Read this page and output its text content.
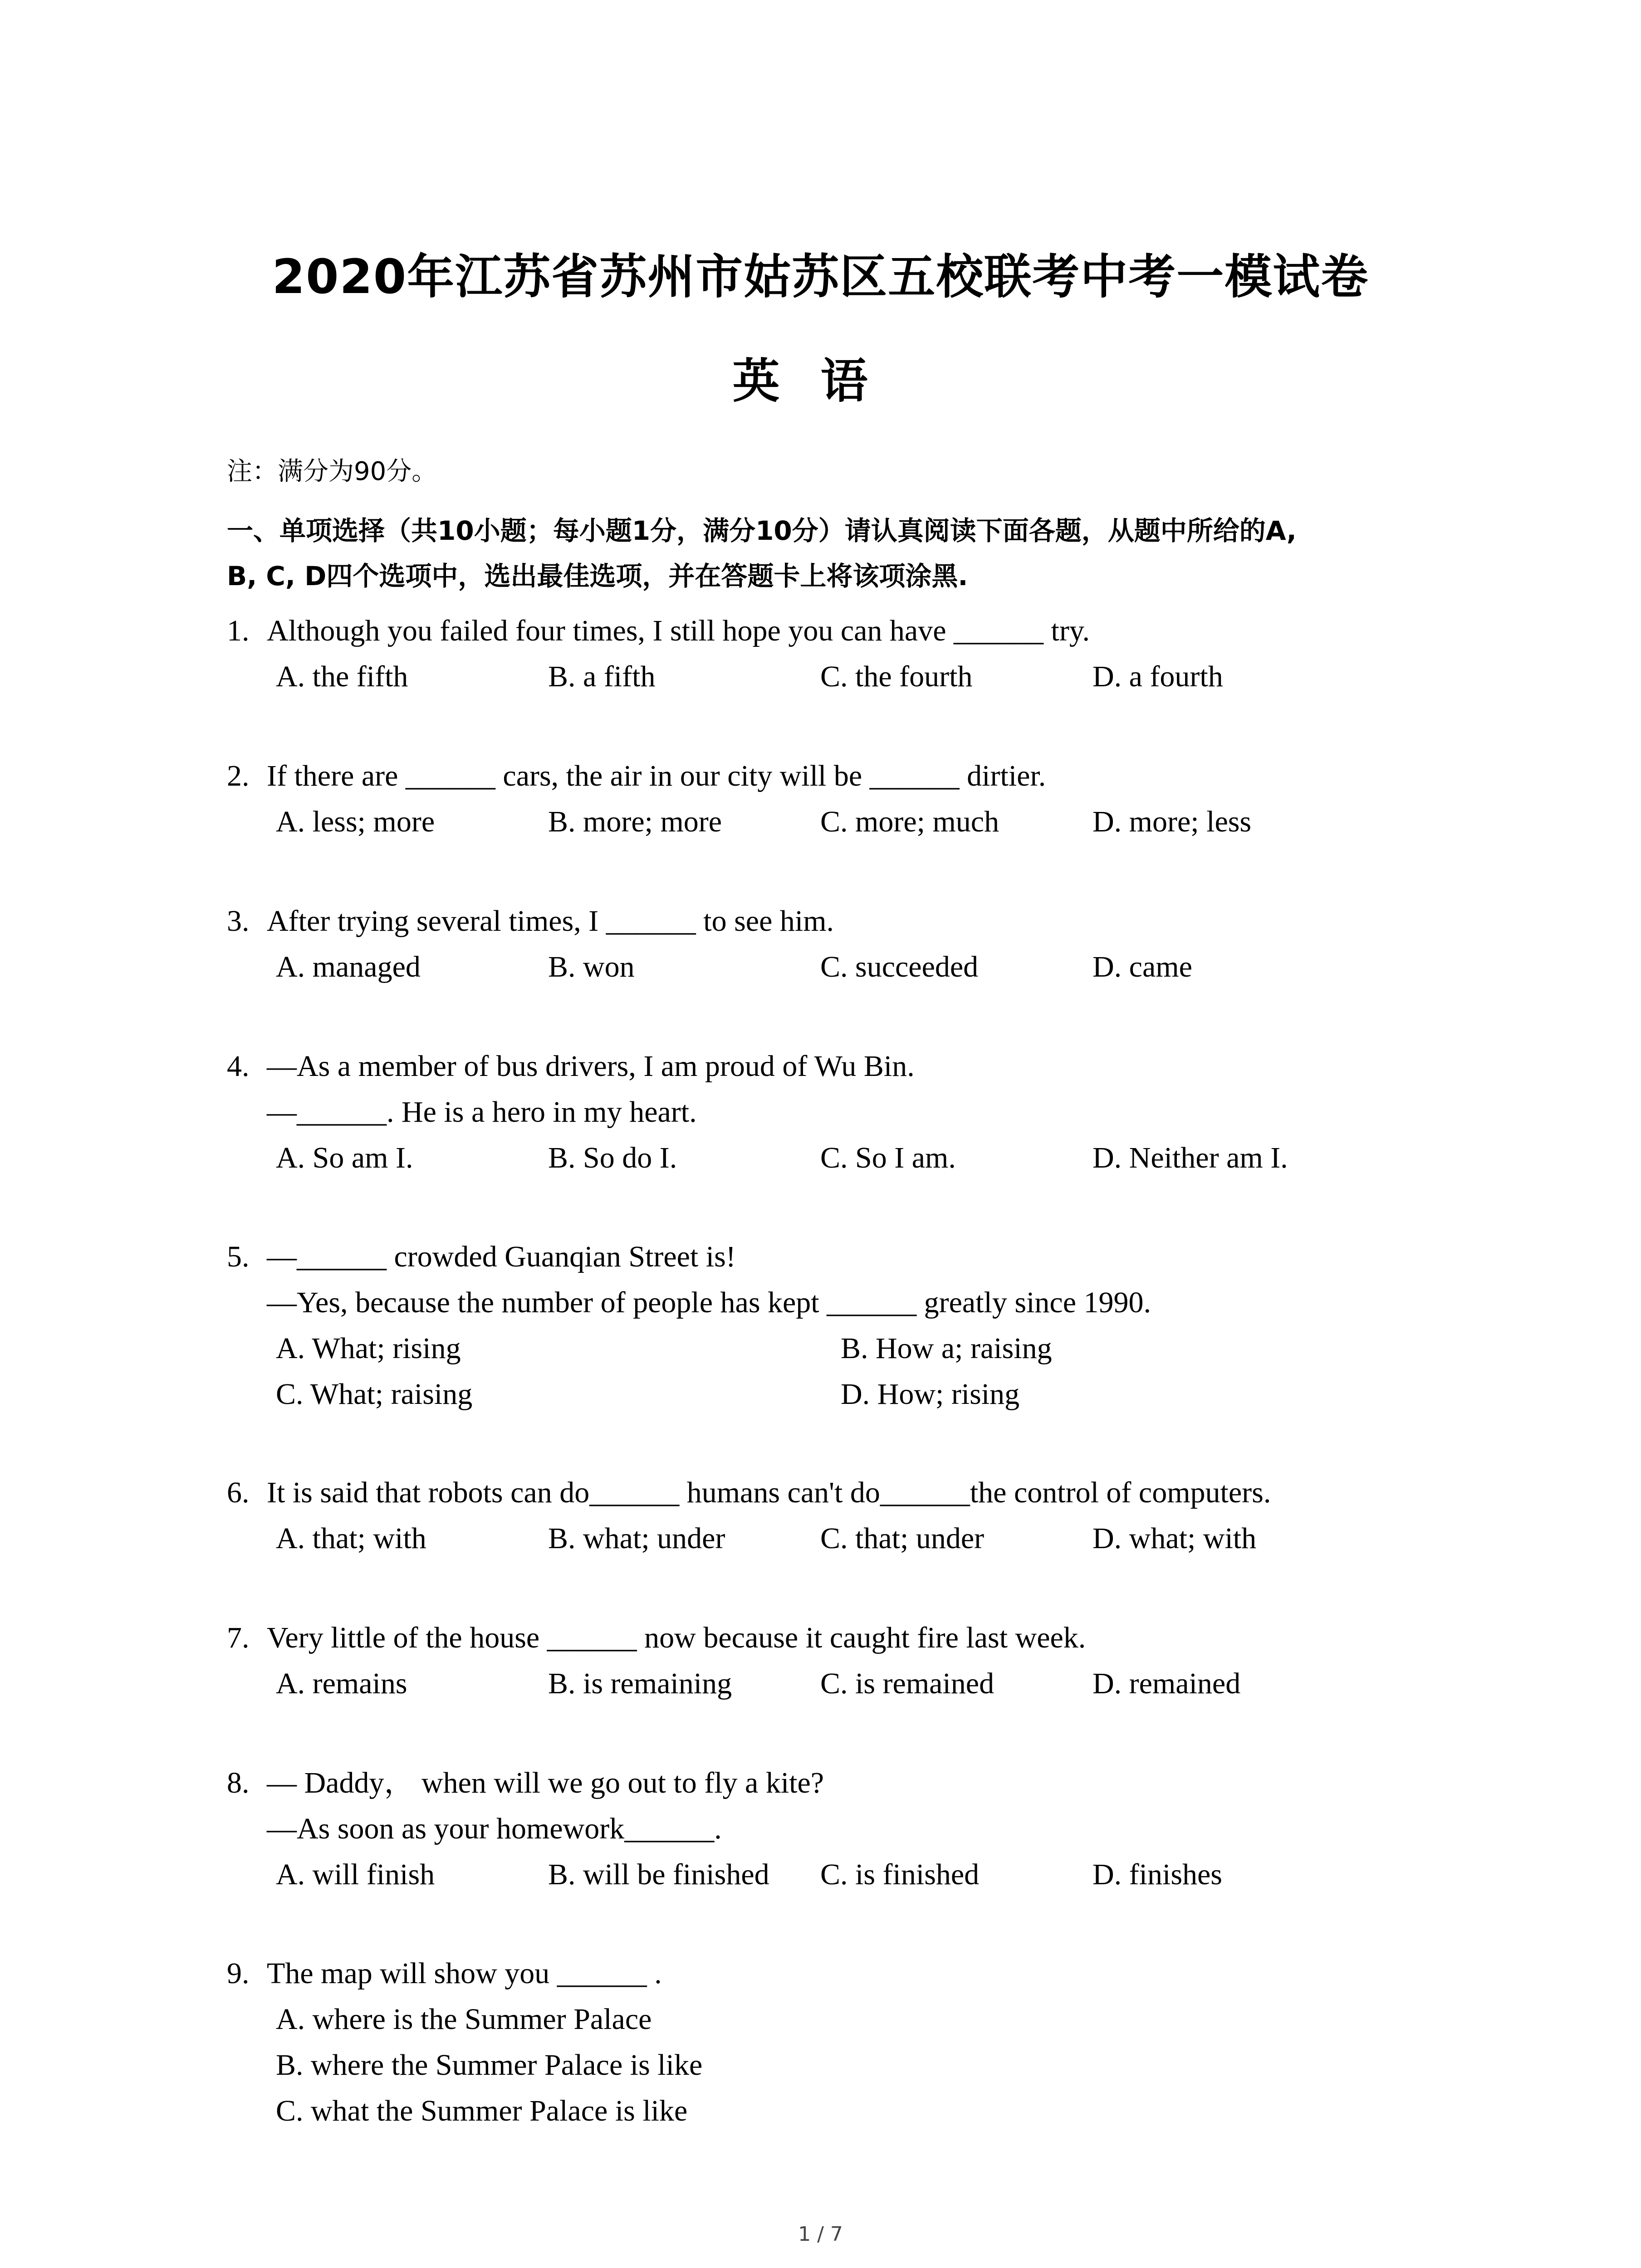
2020年江苏省苏州市姑苏区五校联考中考一模试卷
英语
注：满分为90分。
一、单项选择（共10小题；每小题1分，满分10分）请认真阅读下面各题，从题中所给的A,
B, C, D四个选项中，选出最佳选项，并在答题卡上将该项涂黑.
1. Although you failed four times, I still hope you can have ______ try.
A. the fifth	B. a fifth	C. the fourth	D. a fourth
2. If there are ______ cars, the air in our city will be ______ dirtier.
A. less; more	B. more; more	C. more; much	D. more; less
3. After trying several times, I ______ to see him.
A. managed	B. won	C. succeeded	D. came
4. —As a member of bus drivers, I am proud of Wu Bin.
—______. He is a hero in my heart.
A. So am I.	B. So do I.	C. So I am.	D. Neither am I.
5. —______ crowded Guanqian Street is!
—Yes, because the number of people has kept ______ greatly since 1990.
A. What; rising	B. How a; raising
C. What; raising	D. How; rising
6. It is said that robots can do______ humans can't do______the control of computers.
A. that; with	B. what; under	C. that; under	D. what; with
7. Very little of the house ______ now because it caught fire last week.
A. remains	B. is remaining	C. is remained	D. remained
8. — Daddy， when will we go out to fly a kite?
—As soon as your homework______.
A. will finish	B. will be finished C. is finished	D. finishes
9. The map will show you ______ .
A. where is the Summer Palace
B. where the Summer Palace is like
C. what the Summer Palace is like
1 / 7
